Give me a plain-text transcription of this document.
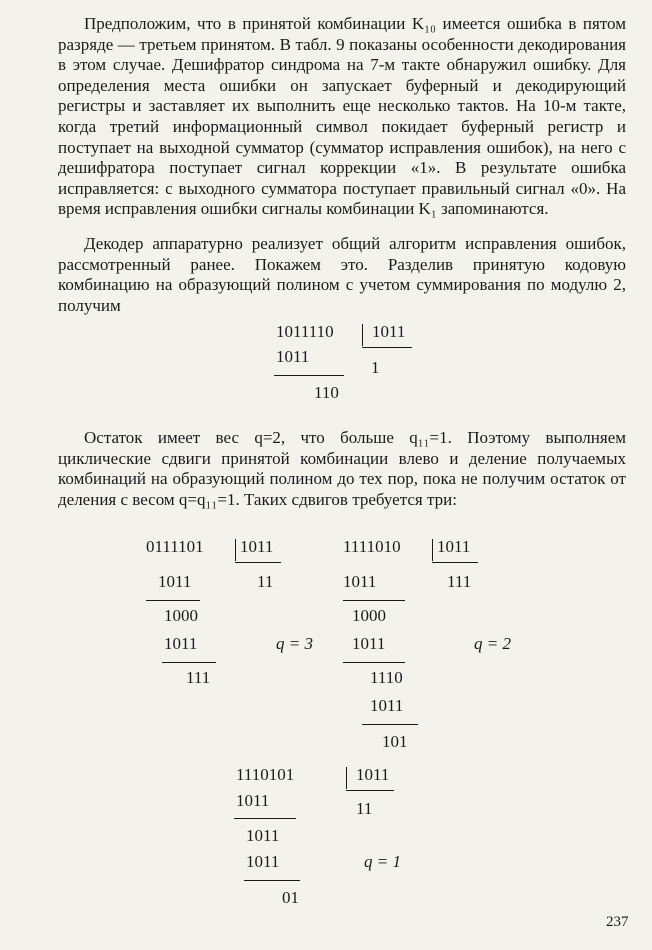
Предположим, что в принятой комбинации K₁₀ имеется ошибка в пятом разряде — третьем принятом. В табл. 9 показаны особенности декодирования в этом случае. Дешифратор синдрома на 7-м такте обнаружил ошибку. Для определения места ошибки он запускает буферный и декодирующий регистры и заставляет их выполнить еще несколько тактов. На 10-м такте, когда третий информационный символ покидает буферный регистр и поступает на выходной сумматор (сумматор исправления ошибок), на него с дешифратора поступает сигнал коррекции «1». В результате ошибка исправляется: с выходного сумматора поступает правильный сигнал «0». На время исправления ошибки сигналы комбинации K₁ запоминаются.

Декодер аппаратурно реализует общий алгоритм исправления ошибок, рассмотренный ранее. Покажем это. Разделив принятую кодовую комбинацию на образующий полином с учетом суммирования по модулю 2, получим

1011110 1011
1011
1
110

Остаток имеет вес q=2, что больше q₁₁=1. Поэтому выполняем циклические сдвиги принятой комбинации влево и деление получаемых комбинаций на образующий полином до тех пор, пока не получим остаток от деления с весом q=q₁₁=1. Таких сдвигов требуется три:

0111101 1011
1011	11
1000
1011	q = 3
111
1111010 1011
1011	111
1000
1011	q = 2
1110
1011
101
1110101	1011
1011	11
1011
1011	q = 1
01
237
